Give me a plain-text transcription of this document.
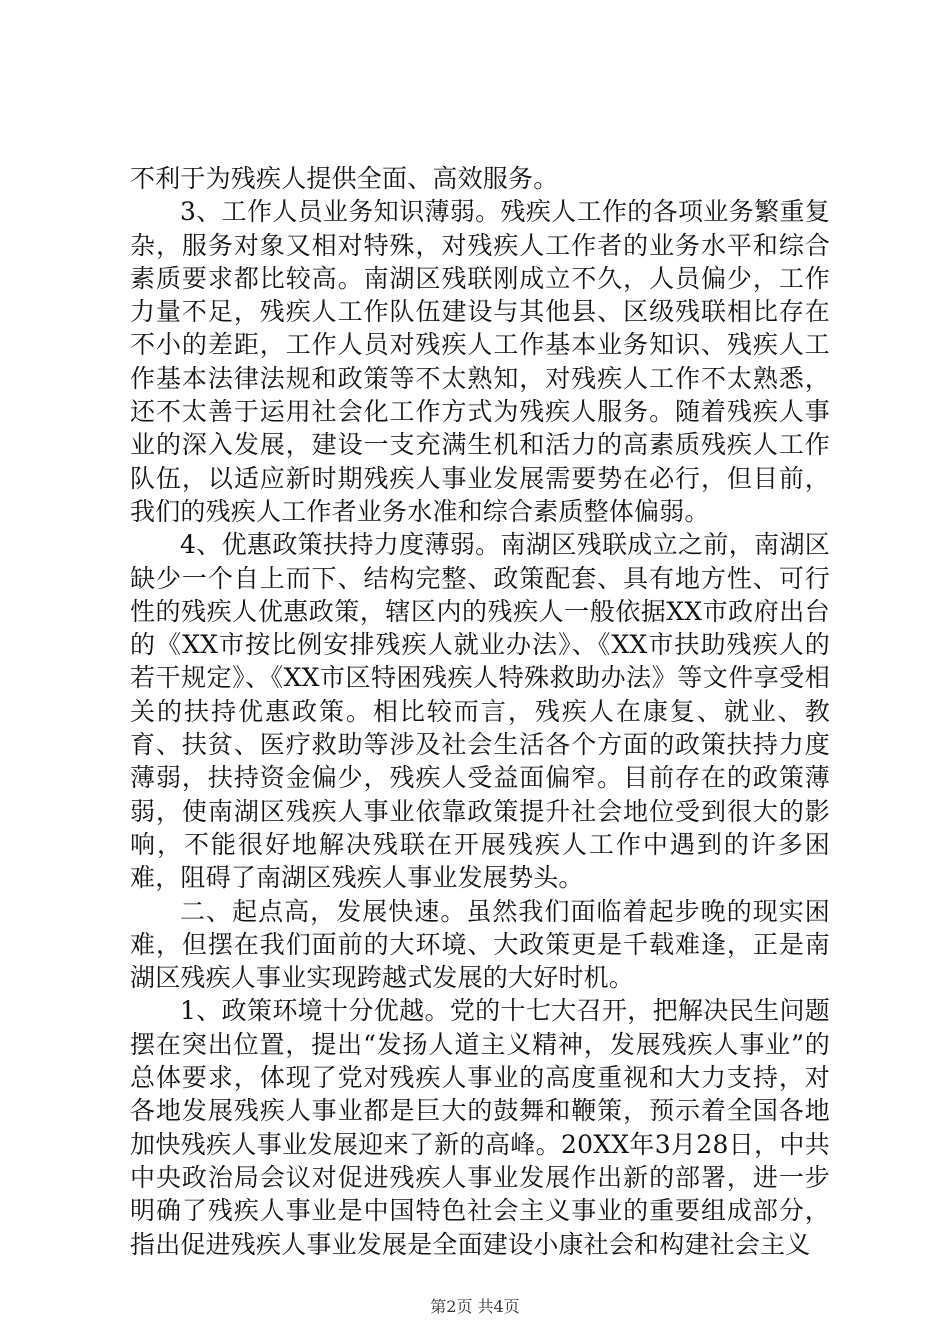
不利于为残疾人提供全面、高效服务。

3、工作人员业务知识薄弱。残疾人工作的各项业务繁重复杂，服务对象又相对特殊，对残疾人工作者的业务水平和综合素质要求都比较高。南湖区残联刚成立不久，人员偏少，工作力量不足，残疾人工作队伍建设与其他县、区级残联相比存在不小的差距，工作人员对残疾人工作基本业务知识、残疾人工作基本法律法规和政策等不太熟知，对残疾人工作不太熟悉，还不太善于运用社会化工作方式为残疾人服务。随着残疾人事业的深入发展，建设一支充满生机和活力的高素质残疾人工作队伍，以适应新时期残疾人事业发展需要势在必行，但目前，我们的残疾人工作者业务水准和综合素质整体偏弱。

4、优惠政策扶持力度薄弱。南湖区残联成立之前，南湖区缺少一个自上而下、结构完整、政策配套、具有地方性、可行性的残疾人优惠政策，辖区内的残疾人一般依据XX市政府出台的《XX市按比例安排残疾人就业办法》、《XX市扶助残疾人的若干规定》、《XX市区特困残疾人特殊救助办法》等文件享受相关的扶持优惠政策。相比较而言，残疾人在康复、就业、教育、扶贫、医疗救助等涉及社会生活各个方面的政策扶持力度薄弱，扶持资金偏少，残疾人受益面偏窄。目前存在的政策薄弱，使南湖区残疾人事业依靠政策提升社会地位受到很大的影响，不能很好地解决残联在开展残疾人工作中遇到的许多困难，阻碍了南湖区残疾人事业发展势头。

二、起点高，发展快速。虽然我们面临着起步晚的现实困难，但摆在我们面前的大环境、大政策更是千载难逢，正是南湖区残疾人事业实现跨越式发展的大好时机。

1、政策环境十分优越。党的十七大召开，把解决民生问题摆在突出位置，提出“发扬人道主义精神，发展残疾人事业”的总体要求，体现了党对残疾人事业的高度重视和大力支持，对各地发展残疾人事业都是巨大的鼓舞和鞭策，预示着全国各地加快残疾人事业发展迎来了新的高峰。20XX年3月28日，中共中央政治局会议对促进残疾人事业发展作出新的部署，进一步明确了残疾人事业是中国特色社会主义事业的重要组成部分，指出促进残疾人事业发展是全面建设小康社会和构建社会主义

第2页 共4页
